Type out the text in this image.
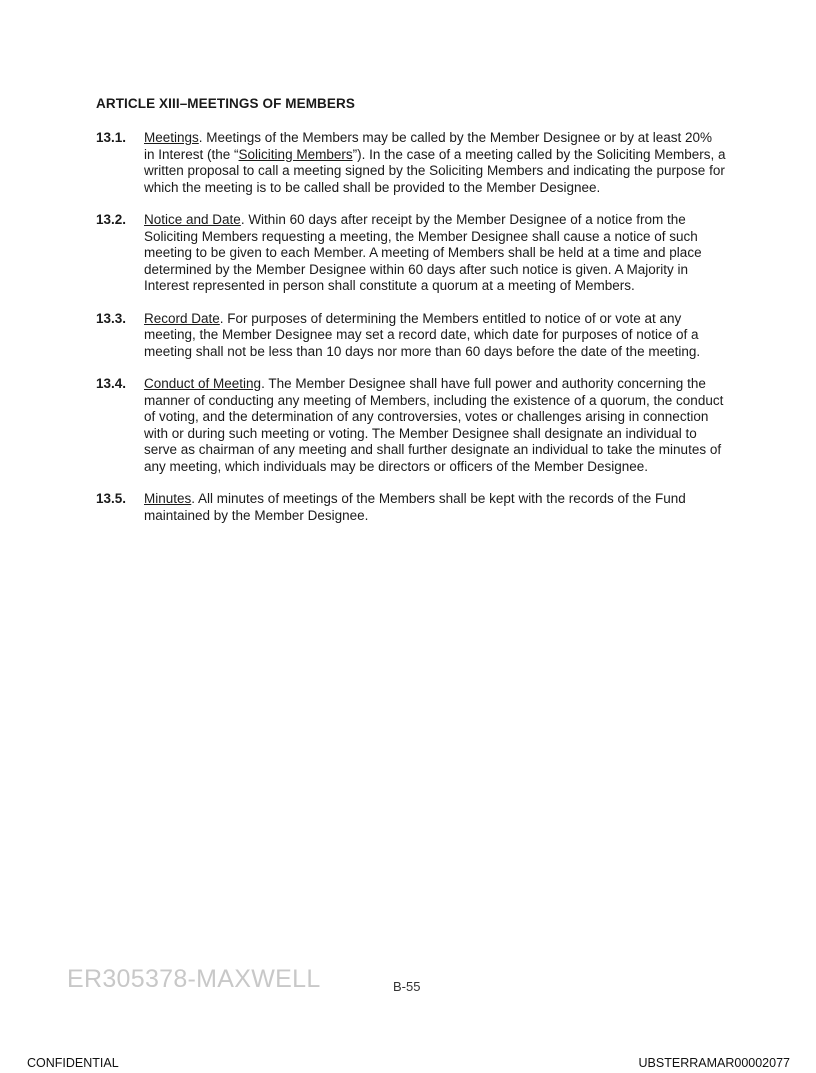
ARTICLE XIII–MEETINGS OF MEMBERS
13.1.	Meetings. Meetings of the Members may be called by the Member Designee or by at least 20% in Interest (the “Soliciting Members”). In the case of a meeting called by the Soliciting Members, a written proposal to call a meeting signed by the Soliciting Members and indicating the purpose for which the meeting is to be called shall be provided to the Member Designee.
13.2.	Notice and Date. Within 60 days after receipt by the Member Designee of a notice from the Soliciting Members requesting a meeting, the Member Designee shall cause a notice of such meeting to be given to each Member. A meeting of Members shall be held at a time and place determined by the Member Designee within 60 days after such notice is given. A Majority in Interest represented in person shall constitute a quorum at a meeting of Members.
13.3.	Record Date. For purposes of determining the Members entitled to notice of or vote at any meeting, the Member Designee may set a record date, which date for purposes of notice of a meeting shall not be less than 10 days nor more than 60 days before the date of the meeting.
13.4.	Conduct of Meeting. The Member Designee shall have full power and authority concerning the manner of conducting any meeting of Members, including the existence of a quorum, the conduct of voting, and the determination of any controversies, votes or challenges arising in connection with or during such meeting or voting. The Member Designee shall designate an individual to serve as chairman of any meeting and shall further designate an individual to take the minutes of any meeting, which individuals may be directors or officers of the Member Designee.
13.5.	Minutes. All minutes of meetings of the Members shall be kept with the records of the Fund maintained by the Member Designee.
ER305378-MAXWELL	B-55
CONFIDENTIAL	UBSTERRAMAR00002077
